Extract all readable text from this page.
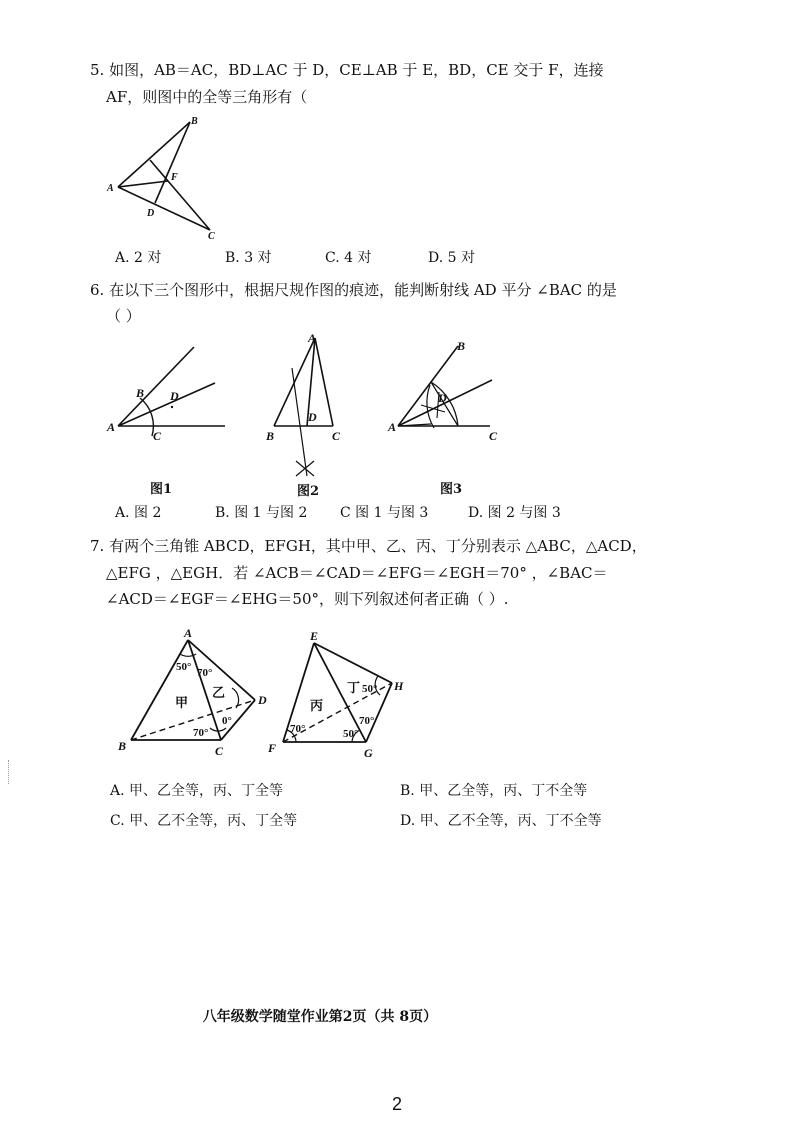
5. 如图，AB＝AC，BD⊥AC 于 D，CE⊥AB 于 E，BD，CE 交于 F，连接
AF，则图中的全等三角形有（
B
A
F
D
C
A. 2 对	B. 3 对	C. 4 对	D. 5 对
6. 在以下三个图形中，根据尺规作图的痕迹，能判断射线 AD 平分 ∠BAC 的是
（ ）
A
B D
C
图1
A
D
B	C
图2
A
B
D
C
图3
A. 图 2	B. 图 1 与图 2 C 图 1 与图 3	D. 图 2 与图 3
7. 有两个三角锥 ABCD，EFGH，其中甲、乙、丙、丁分别表示 △ABC，△ACD，
△EFG ，△EGH．若 ∠ACB＝∠CAD＝∠EFG＝∠EGH＝70° ，∠BAC＝
∠ACD＝∠EGF＝∠EHG＝50°，则下列叙述何者正确（ ）.
A
B	C
D
50° 70°
70°
0°
甲
乙
E
F	G
H
50°
70°
70°
50°
丙
丁
A. 甲、乙全等，丙、丁全等	B. 甲、乙全等，丙、丁不全等
C. 甲、乙不全等，丙、丁全等	D. 甲、乙不全等，丙、丁不全等
八年级数学随堂作业第2页（共 8页）
2
